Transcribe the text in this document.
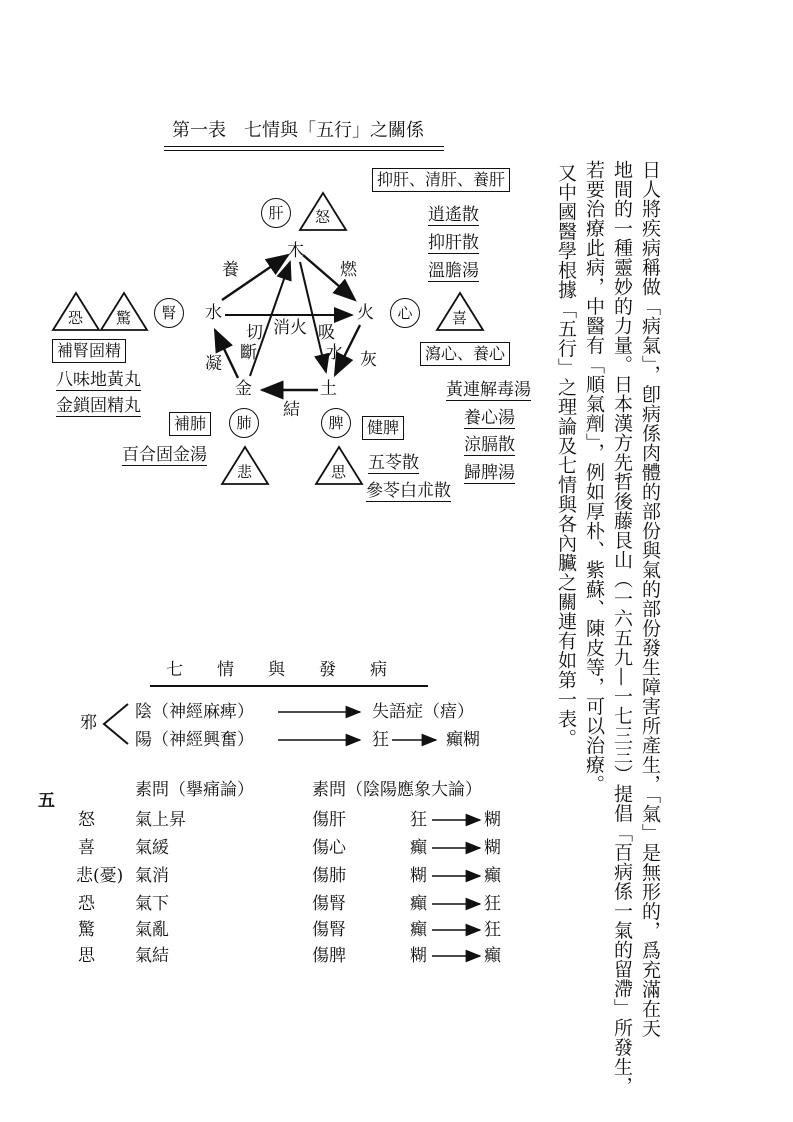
日人將疾病稱做「病氣」，卽病係肉體的部份與氣的部份發生障害所產生，「氣」是無形的，爲充滿在天
地間的一種靈妙的力量。日本漢方先哲後藤艮山（一六五九—一七三三）提倡「百病係一氣的留滯」所發生，
若要治療此病，中醫有「順氣劑」，例如厚朴、紫蘇、陳皮等，可以治療。
又中國醫學根據「五行」之理論及七情與各內臟之關連有如第一表。
第一表　七情與「五行」之關係
木
火
土
金
水
養	燃
灰
結
凝
切
斷
消火 吸
水
肝
心
脾
肺
腎
怒
喜
思
悲
恐 驚
抑肝、清肝、養肝
瀉心、養心
健脾
補肺
補腎固精
逍遙散
抑肝散
溫膽湯
黃連解毒湯
養心湯
涼膈散
歸脾湯
五苓散
參苓白朮散
百合固金湯
八味地黃丸
金鎖固精丸
七　　情　　與　　發　　病
邪
陰（神經麻痺）	失語症（瘖）
陽（神經興奮）	狂	癲糊
五
素問（擧痛論）	素問（陰陽應象大論）
怒 氣上昇	傷肝	狂	糊
喜 氣緩	傷心	癲	糊
悲(憂) 氣消	傷肺	糊	癲
恐 氣下	傷腎	癲	狂
驚 氣亂	傷腎	癲	狂
思 氣結	傷脾	糊	癲
